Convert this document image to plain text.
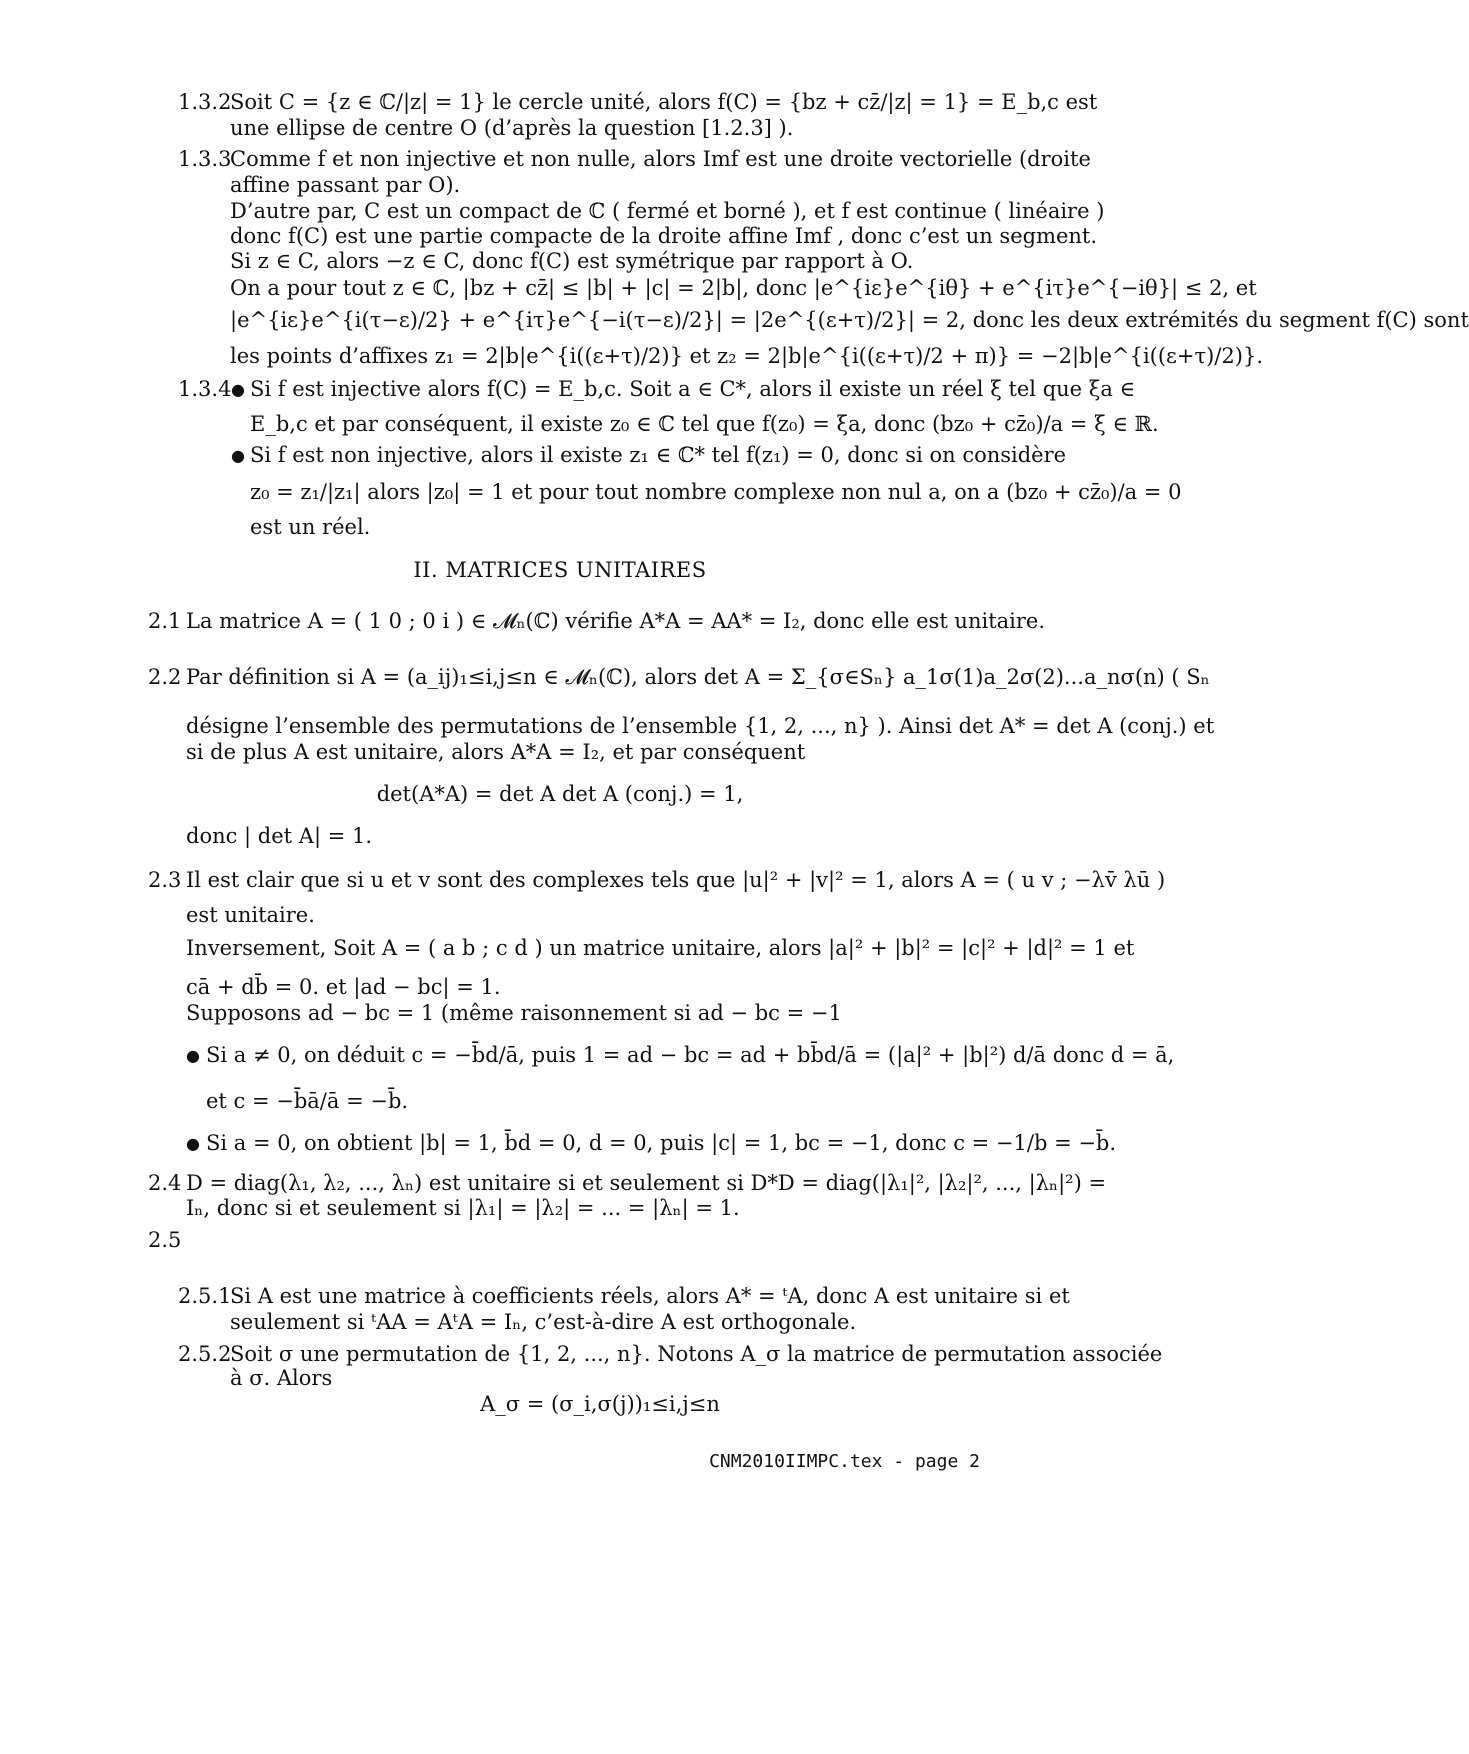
1.3.2
Soit C = {z ∈ ℂ/|z| = 1} le cercle unité, alors f(C) = {bz + cz̄/|z| = 1} = E_b,c est
une ellipse de centre O (d’après la question [1.2.3] ).
1.3.3
Comme f et non injective et non nulle, alors Imf est une droite vectorielle (droite
affine passant par O).
D’autre par, C est un compact de ℂ ( fermé et borné ), et f est continue ( linéaire )
donc f(C) est une partie compacte de la droite affine Imf , donc c’est un segment.
Si z ∈ C, alors −z ∈ C, donc f(C) est symétrique par rapport à O.
On a pour tout z ∈ ℂ, |bz + cz̄| ≤ |b| + |c| = 2|b|, donc |e^{iε}e^{iθ} + e^{iτ}e^{−iθ}| ≤ 2, et
|e^{iε}e^{i(τ−ε)/2} + e^{iτ}e^{−i(τ−ε)/2}| = |2e^{(ε+τ)/2}| = 2, donc les deux extrémités du segment f(C) sont
les points d’affixes z₁ = 2|b|e^{i((ε+τ)/2)} et z₂ = 2|b|e^{i((ε+τ)/2 + π)} = −2|b|e^{i((ε+τ)/2)}.
1.3.4 ● Si f est injective alors f(C) = E_b,c. Soit a ∈ C*, alors il existe un réel ξ tel que ξa ∈
E_b,c et par conséquent, il existe z₀ ∈ ℂ tel que f(z₀) = ξa, donc (bz₀ + cz̄₀)/a = ξ ∈ ℝ.
● Si f est non injective, alors il existe z₁ ∈ ℂ* tel f(z₁) = 0, donc si on considère
z₀ = z₁/|z₁| alors |z₀| = 1 et pour tout nombre complexe non nul a, on a (bz₀ + cz̄₀)/a = 0
est un réel.
II. MATRICES UNITAIRES
2.1 La matrice A = ( 1 0 ; 0 i ) ∈ 𝓜ₙ(ℂ) vérifie A*A = AA* = I₂, donc elle est unitaire.
2.2 Par définition si A = (a_ij)₁≤i,j≤n ∈ 𝓜ₙ(ℂ), alors det A = Σ_{σ∈Sₙ} a_1σ(1)a_2σ(2)...a_nσ(n) ( Sₙ
désigne l’ensemble des permutations de l’ensemble {1, 2, ..., n} ). Ainsi det A* = det A (conj.) et
si de plus A est unitaire, alors A*A = I₂, et par conséquent
det(A*A) = det A det A (conj.) = 1,
donc | det A| = 1.
2.3 Il est clair que si u et v sont des complexes tels que |u|² + |v|² = 1, alors A = ( u v ; −λv̄ λū )
est unitaire.
Inversement, Soit A = ( a b ; c d ) un matrice unitaire, alors |a|² + |b|² = |c|² + |d|² = 1 et
cā + db̄ = 0. et |ad − bc| = 1.
Supposons ad − bc = 1 (même raisonnement si ad − bc = −1
● Si a ≠ 0, on déduit c = −b̄d/ā, puis 1 = ad − bc = ad + bb̄d/ā = (|a|² + |b|²) d/ā donc d = ā,
et c = −b̄ā/ā = −b̄.
● Si a = 0, on obtient |b| = 1, b̄d = 0, d = 0, puis |c| = 1, bc = −1, donc c = −1/b = −b̄.
2.4 D = diag(λ₁, λ₂, ..., λₙ) est unitaire si et seulement si D*D = diag(|λ₁|², |λ₂|², ..., |λₙ|²) =
Iₙ, donc si et seulement si |λ₁| = |λ₂| = ... = |λₙ| = 1.
2.5
2.5.1
Si A est une matrice à coefficients réels, alors A* = ᵗA, donc A est unitaire si et
seulement si ᵗAA = AᵗA = Iₙ, c’est-à-dire A est orthogonale.
2.5.2
Soit σ une permutation de {1, 2, ..., n}. Notons A_σ la matrice de permutation associée
à σ. Alors
A_σ = (σ_i,σ(j))₁≤i,j≤n
CNM2010IIMPC.tex - page 2
